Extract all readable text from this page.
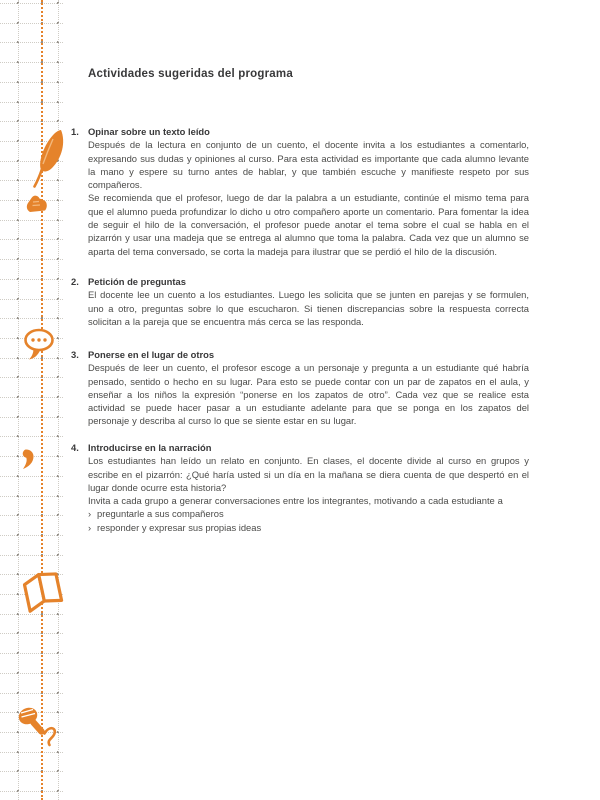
Actividades sugeridas del programa
1. Opinar sobre un texto leído

Después de la lectura en conjunto de un cuento, el docente invita a los estudiantes a comentarlo, expresando sus dudas y opiniones al curso. Para esta actividad es importante que cada alumno levante la mano y espere su turno antes de hablar, y que también escuche y manifieste respeto por sus compañeros.

Se recomienda que el profesor, luego de dar la palabra a un estudiante, continúe el mismo tema para que el alumno pueda profundizar lo dicho u otro compañero aporte un comentario. Para fomentar la idea de seguir el hilo de la conversación, el profesor puede anotar el tema sobre el cual se habla en el pizarrón y usar una madeja que se entrega al alumno que toma la palabra. Cada vez que un alumno se aparta del tema conversado, se corta la madeja para ilustrar que se perdió el hilo de la discusión.

2. Petición de preguntas

El docente lee un cuento a los estudiantes. Luego les solicita que se junten en parejas y se formulen, uno a otro, preguntas sobre lo que escucharon. Si tienen discrepancias sobre la respuesta correcta solicitan a la pareja que se encuentra más cerca se las responda.

3. Ponerse en el lugar de otros

Después de leer un cuento, el profesor escoge a un personaje y pregunta a un estudiante qué habría pensado, sentido o hecho en su lugar. Para esto se puede contar con un par de zapatos en el aula, y enseñar a los niños la expresión “ponerse en los zapatos de otro”. Cada vez que se realice esta actividad se puede hacer pasar a un estudiante adelante para que se ponga en los zapatos del personaje y describa al curso lo que se siente estar en su lugar.

4. Introducirse en la narración

Los estudiantes han leído un relato en conjunto. En clases, el docente divide al curso en grupos y escribe en el pizarrón: ¿Qué haría usted si un día en la mañana se diera cuenta de que despertó en el lugar donde ocurre esta historia?

Invita a cada grupo a generar conversaciones entre los integrantes, motivando a cada estudiante a

› preguntarle a sus compañeros
› responder y expresar sus propias ideas
